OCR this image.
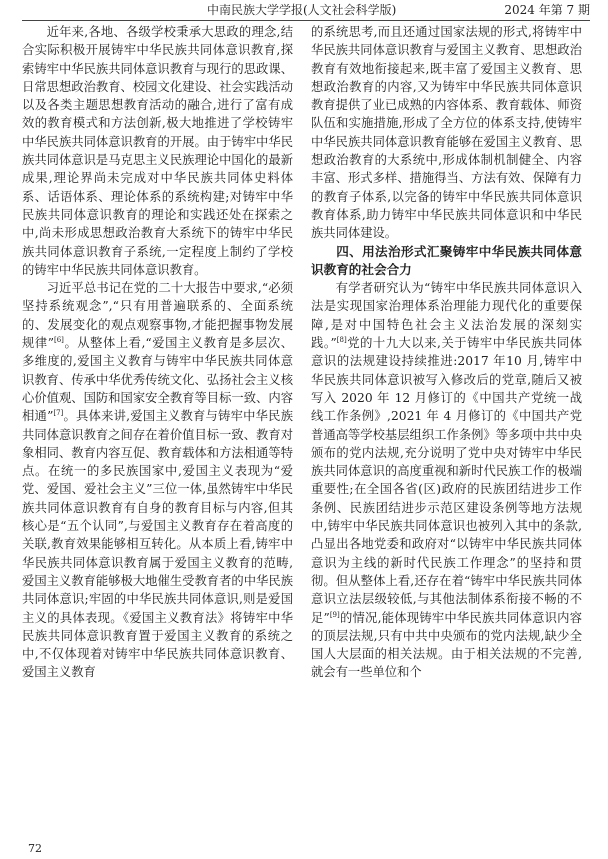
中南民族大学学报(人文社会科学版)	2024 年第 7 期

近年来,各地、各级学校秉承大思政的理念,结合实际积极开展铸牢中华民族共同体意识教育,探索铸牢中华民族共同体意识教育与现行的思政课、日常思想政治教育、校园文化建设、社会实践活动以及各类主题思想教育活动的融合,进行了富有成效的教育模式和方法创新,极大地推进了学校铸牢中华民族共同体意识教育的开展。由于铸牢中华民族共同体意识是马克思主义民族理论中国化的最新成果,理论界尚未完成对中华民族共同体史料体系、话语体系、理论体系的系统构建;对铸牢中华民族共同体意识教育的理论和实践还处在探索之中,尚未形成思想政治教育大系统下的铸牢中华民族共同体意识教育子系统,一定程度上制约了学校的铸牢中华民族共同体意识教育。

习近平总书记在党的二十大报告中要求,“必须坚持系统观念”,“只有用普遍联系的、全面系统的、发展变化的观点观察事物,才能把握事物发展规律”[6]。从整体上看,“爱国主义教育是多层次、多维度的,爱国主义教育与铸牢中华民族共同体意识教育、传承中华优秀传统文化、弘扬社会主义核心价值观、国防和国家安全教育等目标一致、内容相通”[7]。具体来讲,爱国主义教育与铸牢中华民族共同体意识教育之间存在着价值目标一致、教育对象相同、教育内容互促、教育载体和方法相通等特点。在统一的多民族国家中,爱国主义表现为“爱党、爱国、爱社会主义”三位一体,虽然铸牢中华民族共同体意识教育有自身的教育目标与内容,但其核心是“五个认同”,与爱国主义教育存在着高度的关联,教育效果能够相互转化。从本质上看,铸牢中华民族共同体意识教育属于爱国主义教育的范畴,爱国主义教育能够极大地催生受教育者的中华民族共同体意识;牢固的中华民族共同体意识,则是爱国主义的具体表现。《爱国主义教育法》将铸牢中华民族共同体意识教育置于爱国主义教育的系统之中,不仅体现着对铸牢中华民族共同体意识教育、爱国主义教育

的系统思考,而且还通过国家法规的形式,将铸牢中华民族共同体意识教育与爱国主义教育、思想政治教育有效地衔接起来,既丰富了爱国主义教育、思想政治教育的内容,又为铸牢中华民族共同体意识教育提供了业已成熟的内容体系、教育载体、师资队伍和实施措施,形成了全方位的体系支持,使铸牢中华民族共同体意识教育能够在爱国主义教育、思想政治教育的大系统中,形成体制机制健全、内容丰富、形式多样、措施得当、方法有效、保障有力的教育子体系,以完备的铸牢中华民族共同体意识教育体系,助力铸牢中华民族共同体意识和中华民族共同体建设。

四、用法治形式汇聚铸牢中华民族共同体意识教育的社会合力

有学者研究认为“铸牢中华民族共同体意识入法是实现国家治理体系治理能力现代化的重要保障,是对中国特色社会主义法治发展的深刻实践。”[8]党的十九大以来,关于铸牢中华民族共同体意识的法规建设持续推进:2017 年10 月,铸牢中华民族共同体意识被写入修改后的党章,随后又被写入 2020 年 12 月修订的《中国共产党统一战线工作条例》,2021 年 4 月修订的《中国共产党普通高等学校基层组织工作条例》等多项中共中央颁布的党内法规,充分说明了党中央对铸牢中华民族共同体意识的高度重视和新时代民族工作的极端重要性;在全国各省(区)政府的民族团结进步工作条例、民族团结进步示范区建设条例等地方法规中,铸牢中华民族共同体意识也被列入其中的条款,凸显出各地党委和政府对“以铸牢中华民族共同体意识为主线的新时代民族工作理念”的坚持和贯彻。但从整体上看,还存在着“铸牢中华民族共同体意识立法层级较低,与其他法制体系衔接不畅的不足”[9]的情况,能体现铸牢中华民族共同体意识内容的顶层法规,只有中共中央颁布的党内法规,缺少全国人大层面的相关法规。由于相关法规的不完善,就会有一些单位和个

72
